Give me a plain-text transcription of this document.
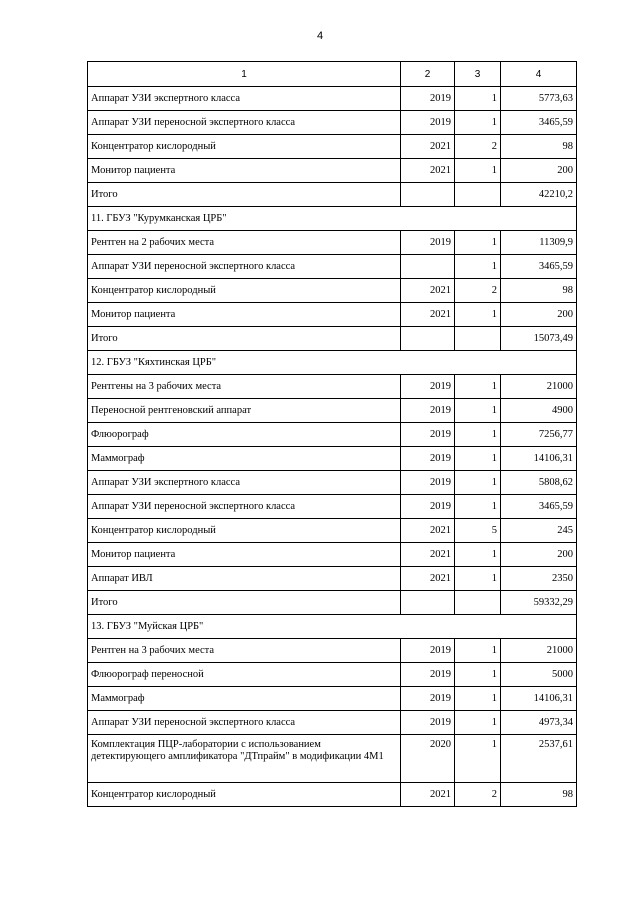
4
1	2	3	4
Аппарат УЗИ экспертного класса	2019	1	5773,63
Аппарат УЗИ переносной экспертного класса	2019	1	3465,59
Концентратор кислородный	2021	2	98
Монитор пациента	2021	1	200
Итого			42210,2
11. ГБУЗ "Курумканская ЦРБ"			
Рентген на 2 рабочих места	2019	1	11309,9
Аппарат УЗИ переносной экспертного класса		1	3465,59
Концентратор кислородный	2021	2	98
Монитор пациента	2021	1	200
Итого			15073,49
12. ГБУЗ "Кяхтинская ЦРБ"			
Рентгены на 3 рабочих места	2019	1	21000
Переносной рентгеновский аппарат	2019	1	4900
Флюорограф	2019	1	7256,77
Маммограф	2019	1	14106,31
Аппарат УЗИ экспертного класса	2019	1	5808,62
Аппарат УЗИ переносной экспертного класса	2019	1	3465,59
Концентратор кислородный	2021	5	245
Монитор пациента	2021	1	200
Аппарат ИВЛ	2021	1	2350
Итого			59332,29
13. ГБУЗ "Муйская ЦРБ"			
Рентген на 3 рабочих места	2019	1	21000
Флюорограф переносной	2019	1	5000
Маммограф	2019	1	14106,31
Аппарат УЗИ переносной экспертного класса	2019	1	4973,34
Комплектация ПЦР-лаборатории с использованием детектирующего амплификатора "ДТпрайм" в модификации 4М1	2020	1	2537,61
Концентратор кислородный	2021	2	98
